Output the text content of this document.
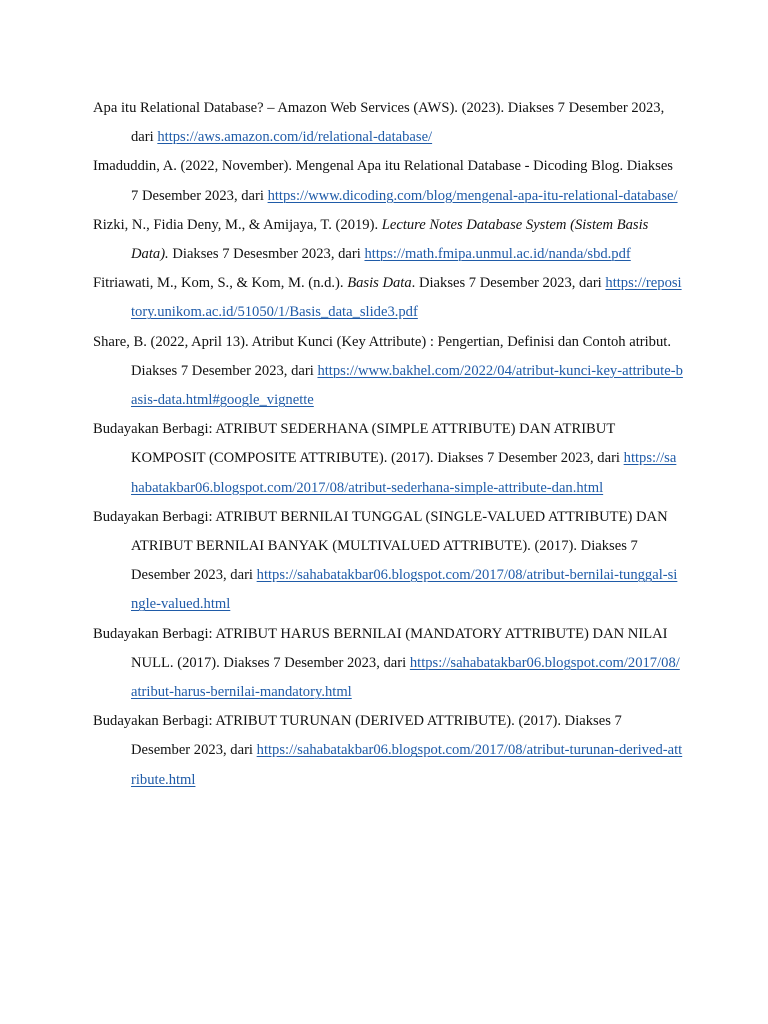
Apa itu Relational Database? – Amazon Web Services (AWS). (2023). Diakses 7 Desember 2023, dari https://aws.amazon.com/id/relational-database/
Imaduddin, A. (2022, November). Mengenal Apa itu Relational Database - Dicoding Blog. Diakses 7 Desember 2023, dari https://www.dicoding.com/blog/mengenal-apa-itu-relational-database/
Rizki, N., Fidia Deny, M., & Amijaya, T. (2019). Lecture Notes Database System (Sistem Basis Data). Diakses 7 Desesmber 2023, dari https://math.fmipa.unmul.ac.id/nanda/sbd.pdf
Fitriawati, M., Kom, S., & Kom, M. (n.d.). Basis Data. Diakses 7 Desember 2023, dari https://repository.unikom.ac.id/51050/1/Basis_data_slide3.pdf
Share, B. (2022, April 13). Atribut Kunci (Key Attribute) : Pengertian, Definisi dan Contoh atribut. Diakses 7 Desember 2023, dari https://www.bakhel.com/2022/04/atribut-kunci-key-attribute-basis-data.html#google_vignette
Budayakan Berbagi: ATRIBUT SEDERHANA (SIMPLE ATTRIBUTE) DAN ATRIBUT KOMPOSIT (COMPOSITE ATTRIBUTE). (2017). Diakses 7 Desember 2023, dari https://sahabatakbar06.blogspot.com/2017/08/atribut-sederhana-simple-attribute-dan.html
Budayakan Berbagi: ATRIBUT BERNILAI TUNGGAL (SINGLE-VALUED ATTRIBUTE) DAN ATRIBUT BERNILAI BANYAK (MULTIVALUED ATTRIBUTE). (2017). Diakses 7 Desember 2023, dari https://sahabatakbar06.blogspot.com/2017/08/atribut-bernilai-tunggal-single-valued.html
Budayakan Berbagi: ATRIBUT HARUS BERNILAI (MANDATORY ATTRIBUTE) DAN NILAI NULL. (2017). Diakses 7 Desember 2023, dari https://sahabatakbar06.blogspot.com/2017/08/atribut-harus-bernilai-mandatory.html
Budayakan Berbagi: ATRIBUT TURUNAN (DERIVED ATTRIBUTE). (2017). Diakses 7 Desember 2023, dari https://sahabatakbar06.blogspot.com/2017/08/atribut-turunan-derived-attribute.html
